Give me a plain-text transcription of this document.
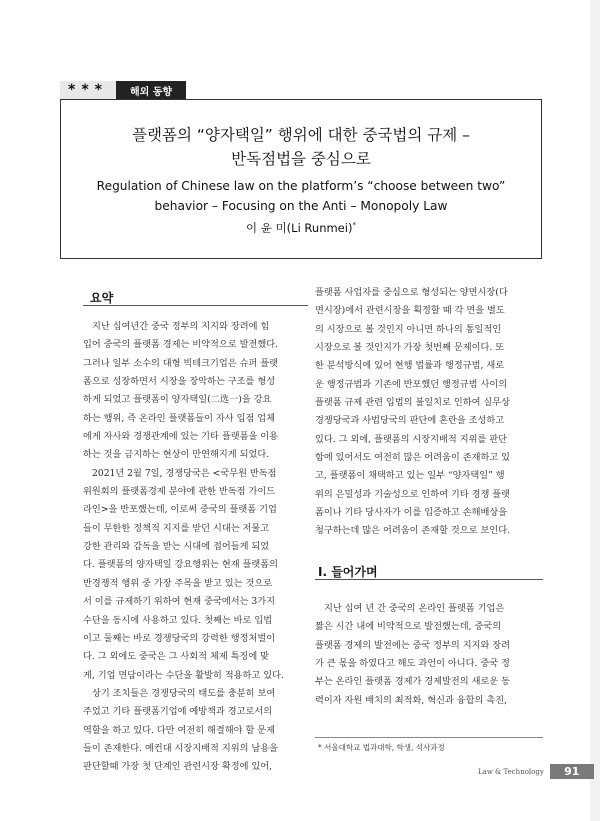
***	해외 동향
플랫폼의 “양자택일” 행위에 대한 중국법의 규제 –
반독점법을 중심으로
Regulation of Chinese law on the platform’s “choose between two”
behavior – Focusing on the Anti – Monopoly Law
이 윤 미(Li Runmei)*
요약

지난 십여년간 중국 정부의 지지와 장려에 힘

입어 중국의 플랫폼 경제는 비약적으로 발전했다.

그러나 일부 소수의 대형 빅테크기업은 슈퍼 플랫

폼으로 성장하면서 시장을 장악하는 구조를 형성

하게 되었고 플랫폼이 양자택일(二选一)을 강요

하는 행위, 즉 온라인 플랫폼들이 자사 입점 업체

에게 자사와 경쟁관계에 있는 기타 플랫폼을 이용

하는 것을 금지하는 현상이 만연해지게 되었다.

2021년 2월 7일, 경쟁당국은 <국무원 반독점

위원회의 플랫폼경제 분야에 관한 반독점 가이드

라인>을 반포했는데, 이로써 중국의 플랫폼 기업

들이 무한한 정책적 지지를 받던 시대는 저물고

강한 관리와 감독을 받는 시대에 접어들게 되었

다. 플랫폼의 양자택일 강요행위는 현재 플랫폼의

반경쟁적 행위 중 가장 주목을 받고 있는 것으로

서 이를 규제하기 위하여 현재 중국에서는 3가지

수단을 동시에 사용하고 있다. 첫째는 바로 입법

이고 둘째는 바로 경쟁당국의 강력한 행정처벌이

다. 그 외에도 중국은 그 사회적 체제 특징에 맞

게, 기업 면담이라는 수단을 활발히 적용하고 있다.

상기 조치들은 경쟁당국의 태도를 충분히 보여

주었고 기타 플랫폼기업에 예방책과 경고로서의

역할을 하고 있다. 다만 여전히 해결해야 할 문제

들이 존재한다. 예컨대 시장지배적 지위의 남용을

판단할때 가장 첫 단계인 관련시장 확정에 있어,

플랫폼 사업자를 중심으로 형성되는 양면시장(다

면시장)에서 관련시장을 획정할 때 각 면을 별도

의 시장으로 볼 것인지 아니면 하나의 통일적인

시장으로 볼 것인지가 가장 첫번째 문제이다. 또

한 분석방식에 있어 현행 법률과 행정규범, 새로

운 행정규범과 기존에 반포했던 행정규범 사이의

플랫폼 규제 관련 입법의 불일치로 인하여 실무상

경쟁당국과 사법당국의 판단에 혼란을 조성하고

있다. 그 외에, 플랫폼의 시장지배적 지위를 판단

함에 있어서도 여전히 많은 어려움이 존재하고 있

고, 플랫폼이 채택하고 있는 일부 “양자택일” 행

위의 은밀성과 기술성으로 인하여 기타 경쟁 플랫

폼이나 기타 당사자가 이를 입증하고 손해배상을

청구하는데 많은 어려움이 존재할 것으로 보인다.

I. 들어가며

지난 십여 년 간 중국의 온라인 플랫폼 기업은

짧은 시간 내에 비약적으로 발전했는데, 중국의

플랫폼 경제의 발전에는 중국 정부의 지지와 장려

가 큰 몫을 하였다고 해도 과언이 아니다. 중국 정

부는 온라인 플랫폼 경제가 경제발전의 새로운 동

력이자 자원 배치의 최적화, 혁신과 융합의 촉진,

* 서울대학교 법과대학, 학생, 석사과정
Law & Technology	91
